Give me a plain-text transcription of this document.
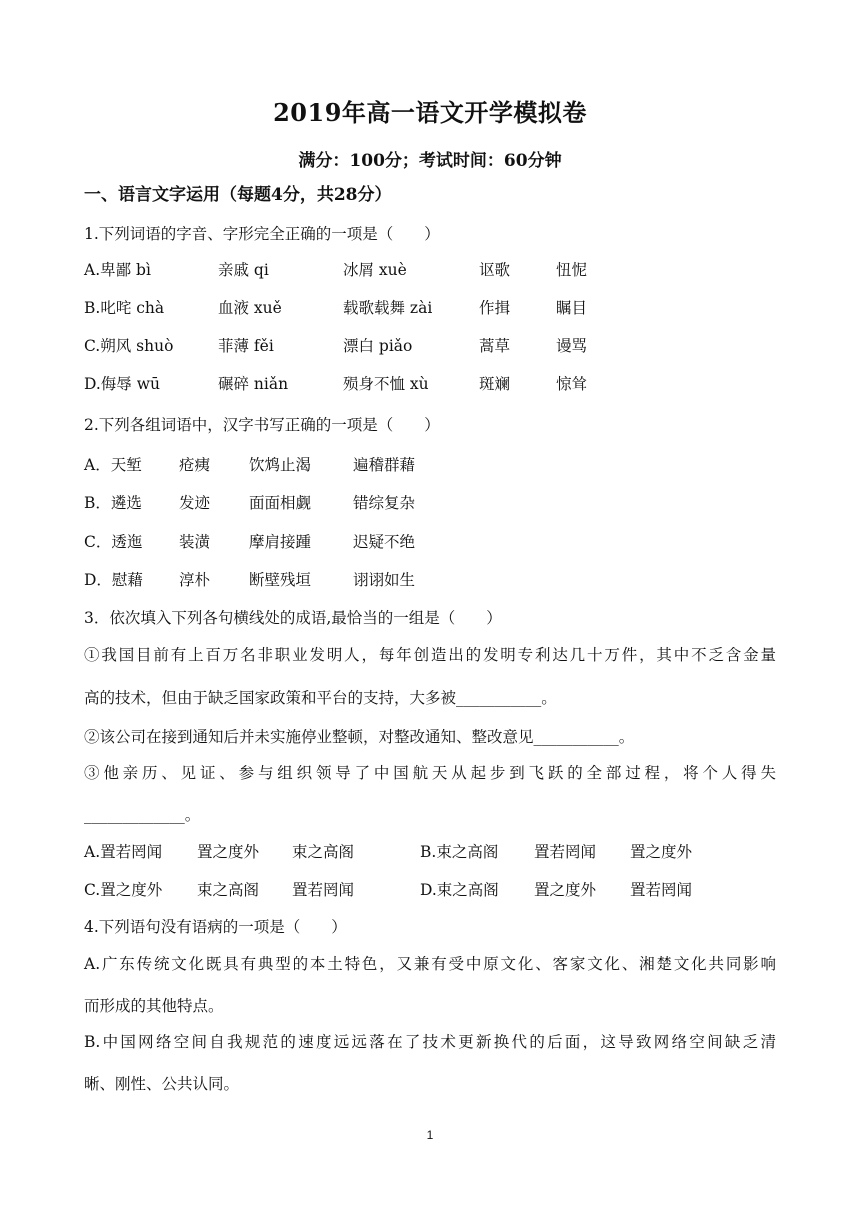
2019年高一语文开学模拟卷
满分：100分；考试时间：60分钟
一、语言文字运用（每题4分，共28分）
1.下列词语的字音、字形完全正确的一项是（　　）
A.卑鄙 bì	亲戚 qi	冰屑 xuè	讴歌	忸怩
B.叱咤 chà	血液 xuě	载歌载舞 zài	作揖	瞩目
C.朔风 shuò	菲薄 fěi	漂白 piǎo	蒿草	谩骂
D.侮辱 wū	碾碎 niǎn	殒身不恤 xù	斑斓	惊耸
2.下列各组词语中，汉字书写正确的一项是（　　）
A．天堑 疮痍	饮鸩止渴	遍稽群藉
B．遴选 发迹	面面相觑	错综复杂
C．透迤 装潢	摩肩接踵	迟疑不绝
D．慰藉 淳朴	断壁残垣	诩诩如生
3．依次填入下列各句横线处的成语,最恰当的一组是（　　）
①我国目前有上百万名非职业发明人，每年创造出的发明专利达几十万件，其中不乏含金量
高的技术，但由于缺乏国家政策和平台的支持，大多被___________。
②该公司在接到通知后并未实施停业整顿，对整改通知、整改意见___________。
③他亲历、见证、参与组织领导了中国航天从起步到飞跃的全部过程，将个人得失
_____________。
A.置若罔闻 置之度外 束之高阁	B.束之高阁 置若罔闻 置之度外
C.置之度外 束之高阁 置若罔闻	D.束之高阁 置之度外 置若罔闻
4.下列语句没有语病的一项是（　　）
A.广东传统文化既具有典型的本土特色，又兼有受中原文化、客家文化、湘楚文化共同影响
而形成的其他特点。
B.中国网络空间自我规范的速度远远落在了技术更新换代的后面，这导致网络空间缺乏清
晰、刚性、公共认同。
1
